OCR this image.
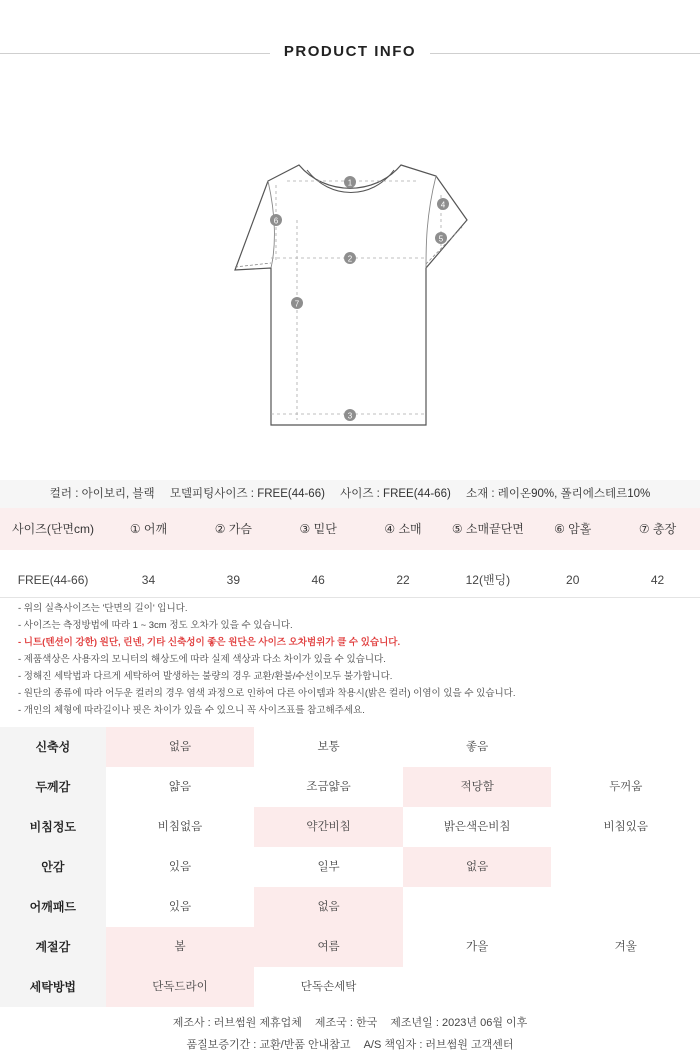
PRODUCT INFO
1
2
3
4
5
6
7
컬러 : 아이보리, 블랙 모델피팅사이즈 : FREE(44-66) 사이즈 : FREE(44-66) 소재 : 레이온90%, 폴리에스테르10%
사이즈(단면cm)	① 어깨	② 가슴	③ 밑단	④ 소매	⑤ 소매끝단면	⑥ 암홀	⑦ 총장
FREE(44-66)	34	39	46	22	12(밴딩)	20	42
- 위의 실측사이즈는 '단면의 길이' 입니다.
- 사이즈는 측정방법에 따라 1 ~ 3cm 정도 오차가 있을 수 있습니다.
- 니트(텐션이 강한) 원단, 린넨, 기타 신축성이 좋은 원단은 사이즈 오차범위가 클 수 있습니다.
- 제품색상은 사용자의 모니터의 해상도에 따라 실제 색상과 다소 차이가 있을 수 있습니다.
- 정해진 세탁법과 다르게 세탁하여 발생하는 불량의 경우 교환/환불/수선이모두 불가합니다.
- 원단의 종류에 따라 어두운 컬러의 경우 염색 과정으로 인하여 다른 아이템과 착용시(밝은 컬러) 이염이 있을 수 있습니다.
- 개인의 체형에 따라길이나 핏은 차이가 있을 수 있으니 꼭 사이즈표를 참고해주세요.
신축성	없음	보통	좋음
두께감	얇음	조금얇음	적당함	두꺼움
비침정도	비침없음	약간비침	밝은색은비침	비침있음
안감	있음	일부	없음
어깨패드	있음	없음
계절감	봄	여름	가을	겨울
세탁방법	단독드라이	단독손세탁
제조사 : 러브썸원 제휴업체 제조국 : 한국 제조년일 : 2023년 06월 이후
품질보증기간 : 교환/반품 안내참고 A/S 책임자 : 러브썸원 고객센터
